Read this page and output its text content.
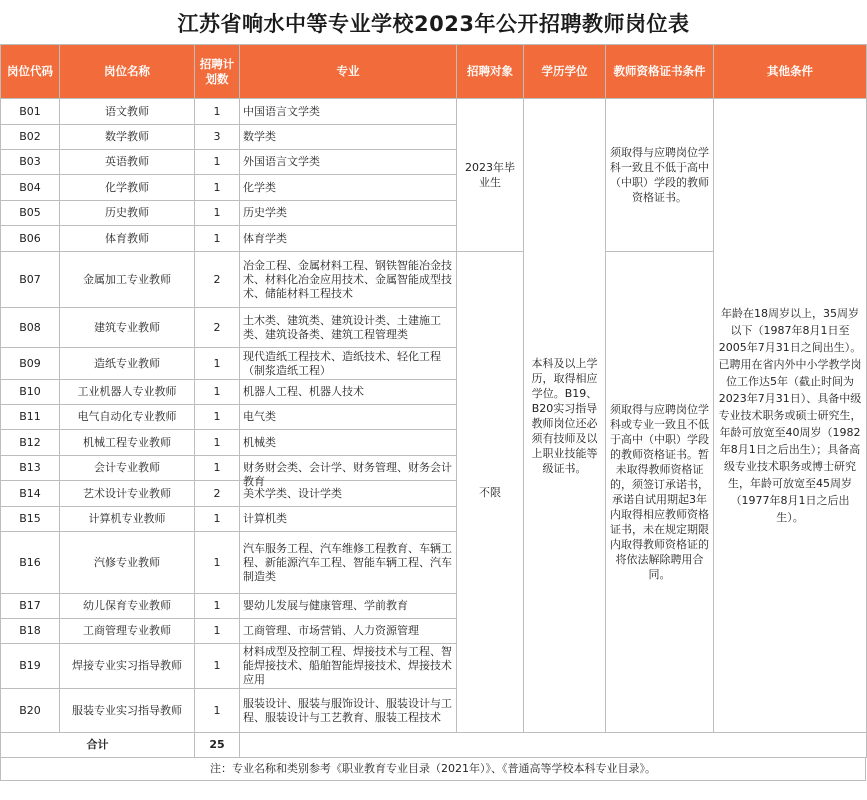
江苏省响水中等专业学校2023年公开招聘教师岗位表
岗位代码	岗位名称	招聘计划数	专业	招聘对象	学历学位	教师资格证书条件	其他条件
B01	语文教师	1	中国语言文学类	2023年毕业生	本科及以上学历，取得相应学位。B19、B20实习指导教师岗位还必须有技师及以上职业技能等级证书。	须取得与应聘岗位学科一致且不低于高中（中职）学段的教师资格证书。	年龄在18周岁以上，35周岁以下（1987年8月1日至2005年7月31日之间出生）。已聘用在省内外中小学教学岗位工作达5年（截止时间为2023年7月31日）、具备中级专业技术职务或硕士研究生，年龄可放宽至40周岁（1982年8月1日之后出生）；具备高级专业技术职务或博士研究生，年龄可放宽至45周岁（1977年8月1日之后出生）。
B02	数学教师	3	数学类				
B03	英语教师	1	外国语言文学类				
B04	化学教师	1	化学类				
B05	历史教师	1	历史学类				
B06	体育教师	1	体育学类				
B07	金属加工专业教师	2	冶金工程、金属材料工程、钢铁智能冶金技术、材料化冶金应用技术、金属智能成型技术、储能材料工程技术	不限		须取得与应聘岗位学科或专业一致且不低于高中（中职）学段的教师资格证书。暂未取得教师资格证的，须签订承诺书，承诺自试用期起3年内取得相应教师资格证书，未在规定期限内取得教师资格证的将依法解除聘用合同。	
B08	建筑专业教师	2	土木类、建筑类、建筑设计类、土建施工类、建筑设备类、建筑工程管理类				
B09	造纸专业教师	1	现代造纸工程技术、造纸技术、轻化工程（制浆造纸工程）				

B10	工业机器人专业教师	1	机器人工程、机器人技术				
B11	电气自动化专业教师	1	电气类				
B12	机械工程专业教师	1	机械类				
B13	会计专业教师	1	财务财会类、会计学、财务管理、财务会计教育				

B14	艺术设计专业教师	2	美术学类、设计学类				
B15	计算机专业教师	1	计算机类				
B16	汽修专业教师	1	汽车服务工程、汽车维修工程教育、车辆工程、新能源汽车工程、智能车辆工程、汽车制造类				
B17	幼儿保育专业教师	1	婴幼儿发展与健康管理、学前教育				
B18	工商管理专业教师	1	工商管理、市场营销、人力资源管理				
B19	焊接专业实习指导教师	1	材料成型及控制工程、焊接技术与工程、智能焊接技术、船舶智能焊接技术、焊接技术应用				

B20	服装专业实习指导教师	1	服装设计、服装与服饰设计、服装设计与工程、服装设计与工艺教育、服装工程技术				
合计		25					
注：专业名称和类别参考《职业教育专业目录（2021年）》、《普通高等学校本科专业目录》。
